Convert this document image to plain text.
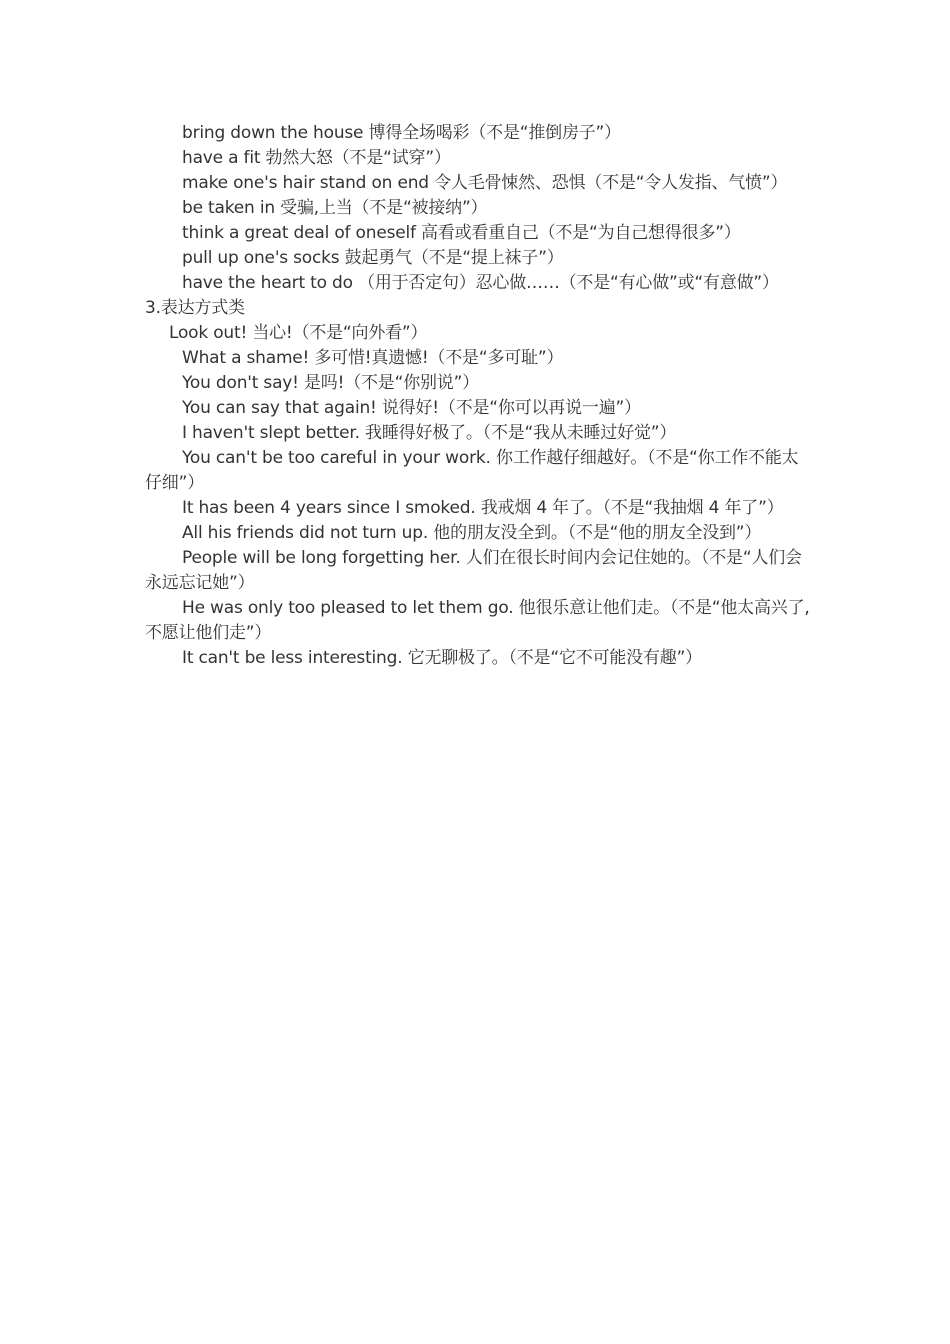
bring down the house 博得全场喝彩（不是“推倒房子”）
have a fit 勃然大怒（不是“试穿”）
make one's hair stand on end 令人毛骨悚然、恐惧（不是“令人发指、气愤”）
be taken in 受骗,上当（不是“被接纳”）
think a great deal of oneself 高看或看重自己（不是“为自己想得很多”）
pull up one's socks 鼓起勇气（不是“提上袜子”）
have the heart to do （用于否定句）忍心做……（不是“有心做”或“有意做”）
3.表达方式类
Look out! 当心!（不是“向外看”）
What a shame! 多可惜!真遗憾!（不是“多可耻”）
You don't say! 是吗!（不是“你别说”）
You can say that again! 说得好!（不是“你可以再说一遍”）
I haven't slept better. 我睡得好极了。（不是“我从未睡过好觉”）
You can't be too careful in your work. 你工作越仔细越好。（不是“你工作不能太仔细”）
It has been 4 years since I smoked. 我戒烟 4 年了。（不是“我抽烟 4 年了”）
All his friends did not turn up. 他的朋友没全到。（不是“他的朋友全没到”）
People will be long forgetting her. 人们在很长时间内会记住她的。（不是“人们会永远忘记她”）
He was only too pleased to let them go. 他很乐意让他们走。（不是“他太高兴了,不愿让他们走”）
It can't be less interesting. 它无聊极了。（不是“它不可能没有趣”）
